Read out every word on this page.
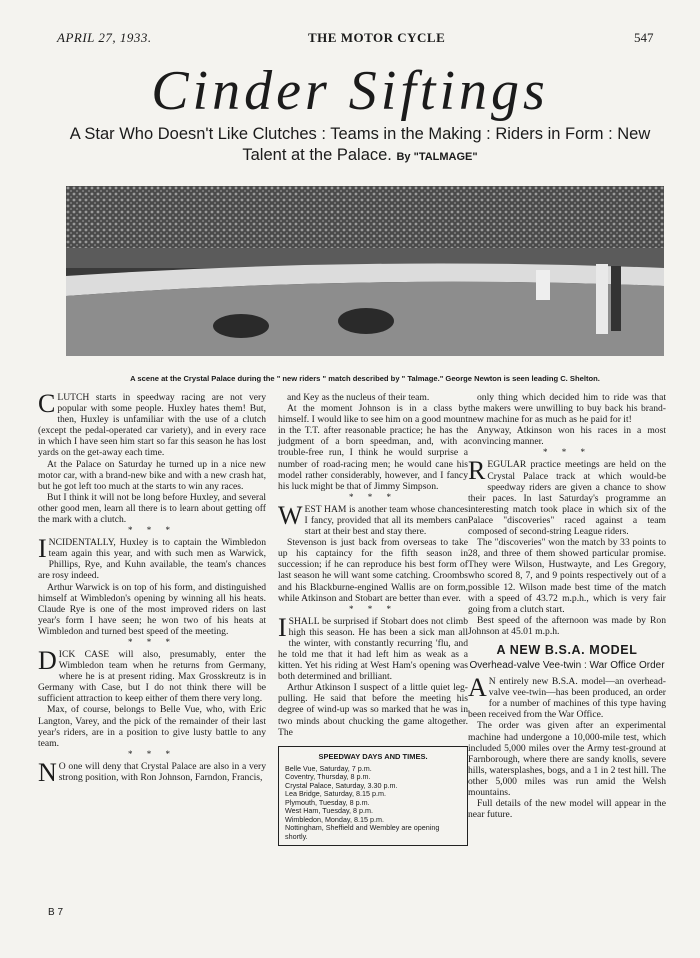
APRIL 27, 1933.	THE MOTOR CYCLE	547
Cinder Siftings
A Star Who Doesn't Like Clutches : Teams in the Making : Riders in Form : New Talent at the Palace. By "TALMAGE"
A scene at the Crystal Palace during the " new riders " match described by " Talmage." George Newton is seen leading C. Shelton.

CLUTCH starts in speedway racing are not very popular with some people. Huxley hates them! But, then, Huxley is unfamiliar with the use of a clutch (except the pedal-operated car variety), and in every race in which I have seen him start so far this season he has lost yards on the get-away each time.

At the Palace on Saturday he turned up in a nice new motor car, with a brand-new bike and with a new crash hat, but he got left too much at the starts to win any races.

But I think it will not be long before Huxley, and several other good men, learn all there is to learn about getting off the mark with a clutch.

* * *

INCIDENTALLY, Huxley is to captain the Wimbledon team again this year, and with such men as Warwick, Phillips, Rye, and Kuhn available, the team's chances are rosy indeed.

Arthur Warwick is on top of his form, and distinguished himself at Wimbledon's opening by winning all his heats. Claude Rye is one of the most improved riders on last year's form I have seen; he won two of his heats at Wimbledon and turned best speed of the meeting.

* * *

DICK CASE will also, presumably, enter the Wimbledon team when he returns from Germany, where he is at present riding. Max Grosskreutz is in Germany with Case, but I do not think there will be sufficient attraction to keep either of them there very long.

Max, of course, belongs to Belle Vue, who, with Eric Langton, Varey, and the pick of the remainder of their last year's riders, are in a position to give lusty battle to any team.

* * *

NO one will deny that Crystal Palace are also in a very strong position, with Ron Johnson, Farndon, Francis,

and Key as the nucleus of their team.

At the moment Johnson is in a class by himself. I would like to see him on a good mount in the T.T. after reasonable practice; he has the judgment of a born speedman, and, with a trouble-free run, I think he would surprise a number of road-racing men; he would cane his model rather considerably, however, and I fancy his luck might be that of Jimmy Simpson.

* * *

WEST HAM is another team whose chances I fancy, provided that all its members can start at their best and stay there.

Stevenson is just back from overseas to take up his captaincy for the fifth season in succession; if he can reproduce his best form of last season he will want some catching. Croombs and his Blackburne-engined Wallis are on form, while Atkinson and Stobart are better than ever.

* * *

ISHALL be surprised if Stobart does not climb high this season. He has been a sick man all the winter, with constantly recurring 'flu, and he told me that it had left him as weak as a kitten. Yet his riding at West Ham's opening was both determined and brilliant.

Arthur Atkinson I suspect of a little quiet leg-pulling. He said that before the meeting his degree of wind-up was so marked that he was in two minds about chucking the game altogether. The

SPEEDWAY DAYS AND TIMES.
Belle Vue, Saturday, 7 p.m.
Coventry, Thursday, 8 p.m.
Crystal Palace, Saturday, 3.30 p.m.
Lea Bridge, Saturday, 8.15 p.m.
Plymouth, Tuesday, 8 p.m.
West Ham, Tuesday, 8 p.m.
Wimbledon, Monday, 8.15 p.m.
Nottingham, Sheffield and Wembley are opening shortly.

only thing which decided him to ride was that the makers were unwilling to buy back his brand-new machine for as much as he paid for it!

Anyway, Atkinson won his races in a most convincing manner.

* * *

REGULAR practice meetings are held on the Crystal Palace track at which would-be speedway riders are given a chance to show their paces. In last Saturday's programme an interesting match took place in which six of the Palace "discoveries" raced against a team composed of second-string League riders.

The "discoveries" won the match by 33 points to 28, and three of them showed particular promise. They were Wilson, Hustwayte, and Les Gregory, who scored 8, 7, and 9 points respectively out of a possible 12. Wilson made best time of the match with a speed of 43.72 m.p.h., which is very fair going from a clutch start.

Best speed of the afternoon was made by Ron Johnson at 45.01 m.p.h.

A NEW B.S.A. MODEL
Overhead-valve Vee-twin : War Office Order

AN entirely new B.S.A. model—an overhead-valve vee-twin—has been produced, an order for a number of machines of this type having been received from the War Office.

The order was given after an experimental machine had undergone a 10,000-mile test, which included 5,000 miles over the Army test-ground at Farnborough, where there are sandy knolls, severe hills, watersplashes, bogs, and a 1 in 2 test hill. The other 5,000 miles was run amid the Welsh mountains.

Full details of the new model will appear in the near future.

B 7
